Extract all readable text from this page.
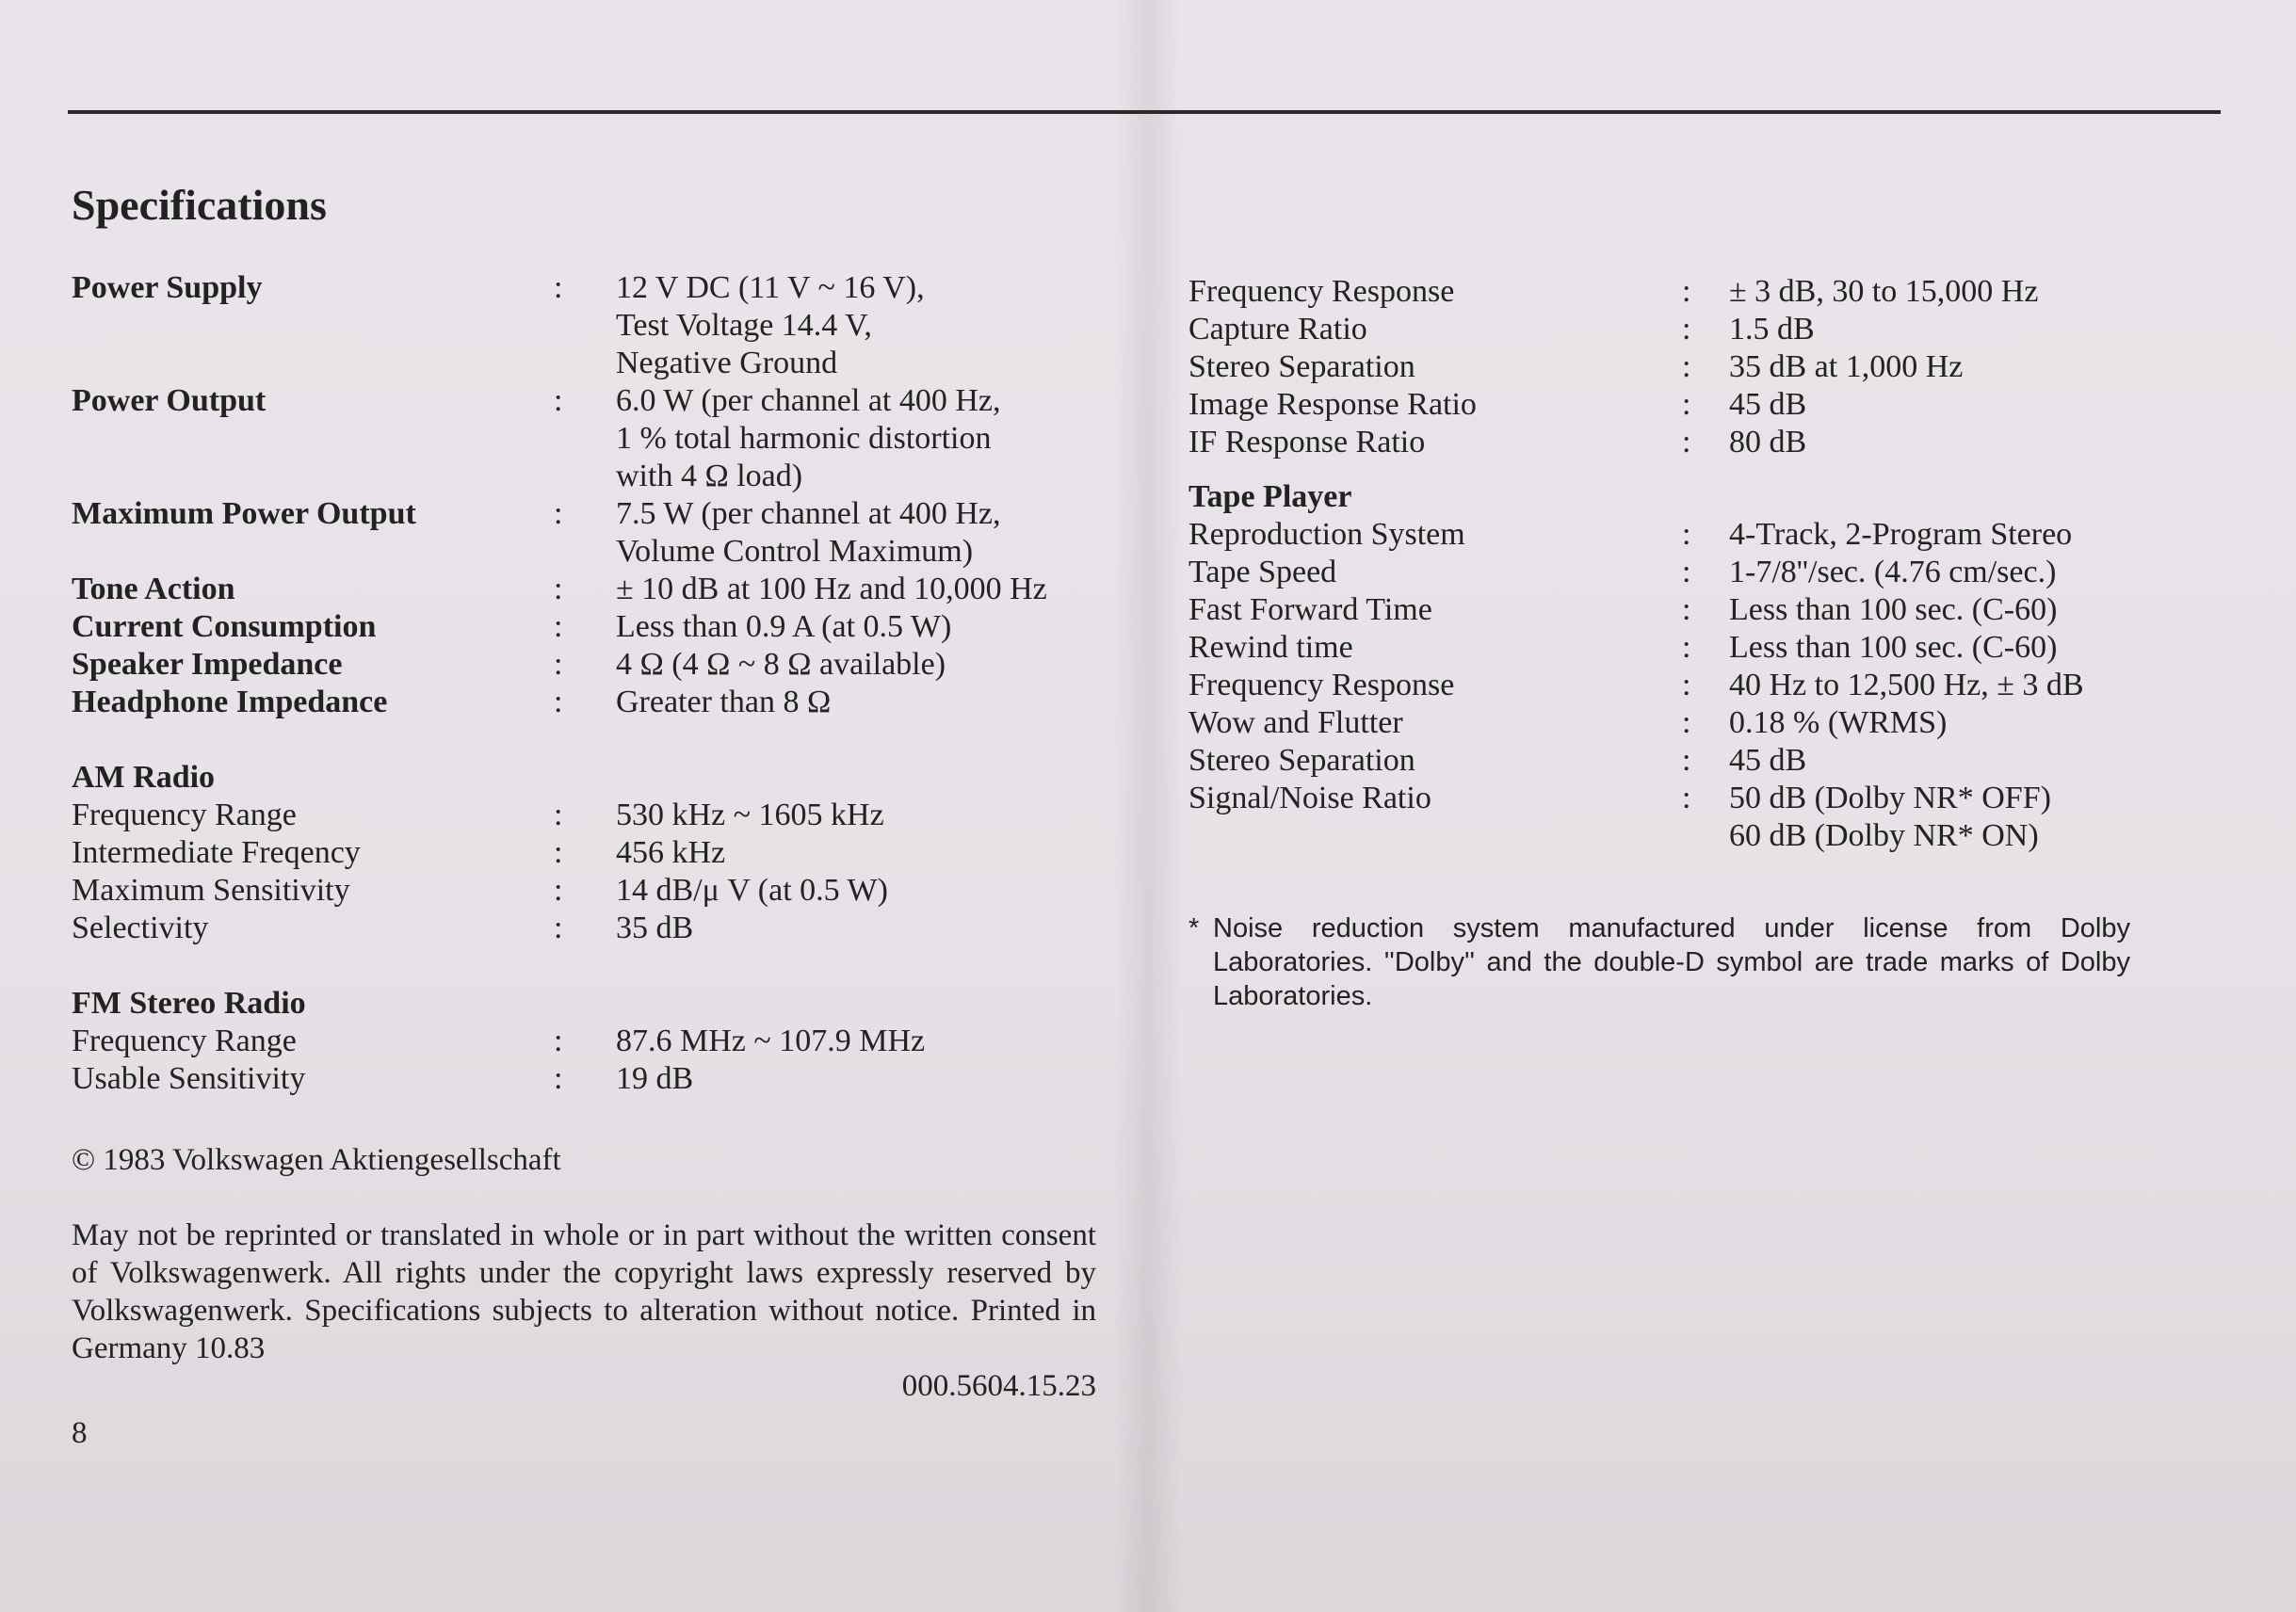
Specifications
Power Supply	:	12 V DC (11 V ~ 16 V),
Test Voltage 14.4 V,
Negative Ground
Power Output	:	6.0 W (per channel at 400 Hz,
1 % total harmonic distortion
with 4 Ω load)
Maximum Power Output	:	7.5 W (per channel at 400 Hz,
Volume Control Maximum)
Tone Action	:	± 10 dB at 100 Hz and 10,000 Hz
Current Consumption	:	Less than 0.9 A (at 0.5 W)
Speaker Impedance	:	4 Ω (4 Ω ~ 8 Ω available)
Headphone Impedance	:	Greater than 8 Ω
AM Radio
Frequency Range	:	530 kHz ~ 1605 kHz
Intermediate Freqency	:	456 kHz
Maximum Sensitivity	:	14 dB/μ V (at 0.5 W)
Selectivity	:	35 dB
FM Stereo Radio
Frequency Range	:	87.6 MHz ~ 107.9 MHz
Usable Sensitivity	:	19 dB
© 1983 Volkswagen Aktiengesellschaft
May not be reprinted or translated in whole or in part without the written consent of Volkswagenwerk. All rights under the copyright laws expressly reserved by Volkswagenwerk. Specifications subjects to alteration without notice. Printed in Germany 10.83
000.5604.15.23
8
Frequency Response	:	± 3 dB, 30 to 15,000 Hz
Capture Ratio	:	1.5 dB
Stereo Separation	:	35 dB at 1,000 Hz
Image Response Ratio	:	45 dB
IF Response Ratio	:	80 dB
Tape Player
Reproduction System	:	4-Track, 2-Program Stereo
Tape Speed	:	1-7/8''/sec. (4.76 cm/sec.)
Fast Forward Time	:	Less than 100 sec. (C-60)
Rewind time	:	Less than 100 sec. (C-60)
Frequency Response	:	40 Hz to 12,500 Hz, ± 3 dB
Wow and Flutter	:	0.18 % (WRMS)
Stereo Separation	:	45 dB
Signal/Noise Ratio	:	50 dB (Dolby NR* OFF)
60 dB (Dolby NR* ON)
* Noise reduction system manufactured under license from Dolby Laboratories. ''Dolby'' and the double-D symbol are trade marks of Dolby Laboratories.
